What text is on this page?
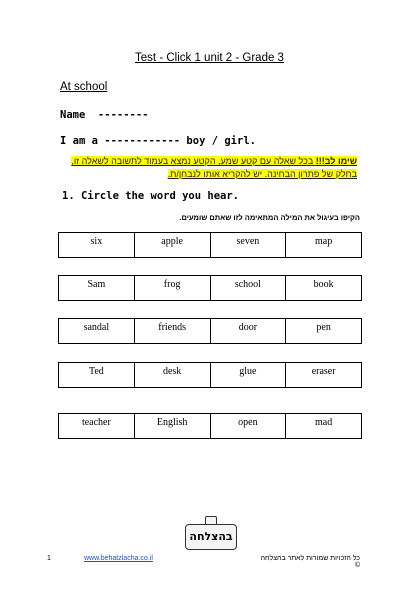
Test - Click 1 unit 2 - Grade 3
At school
Name  --------
I am a ------------ boy / girl.
שימו לב!!! בכל שאלה עם קטע שמע, הקטע נמצא בעמוד לתשובה לשאלה זו, בחלק של פתרון הבחינה. יש להקריא אותו לנבחן/ת.
1. Circle the word you hear.
הקיפו בעיגול את המילה המתאימה לזו שאתם שומעים.
six	apple	seven	map
Sam	frog	school	book
sandal	friends	door	pen
Ted	desk	glue	eraser
teacher	English	open	mad
בהצלחה
1	www.behatzlacha.co.il	כל הזכויות שמורות לאתר בהצלחה ©
